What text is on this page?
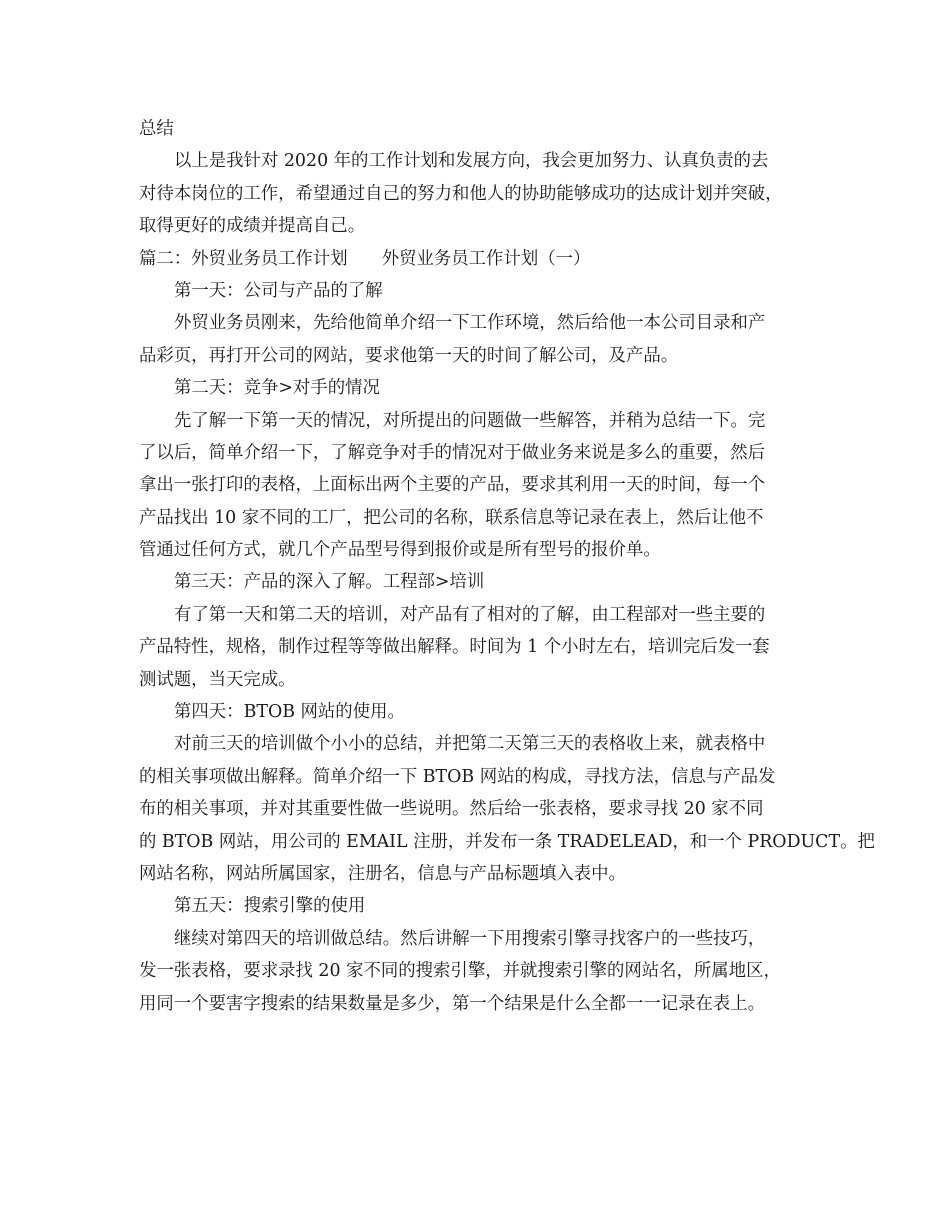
总结
以上是我针对 2020 年的工作计划和发展方向，我会更加努力、认真负责的去
对待本岗位的工作，希望通过自己的努力和他人的协助能够成功的达成计划并突破，
取得更好的成绩并提高自己。
篇二：外贸业务员工作计划 外贸业务员工作计划（一）
第一天：公司与产品的了解
外贸业务员刚来，先给他简单介绍一下工作环境，然后给他一本公司目录和产
品彩页，再打开公司的网站，要求他第一天的时间了解公司，及产品。
第二天：竞争>对手的情况
先了解一下第一天的情况，对所提出的问题做一些解答，并稍为总结一下。完
了以后，简单介绍一下，了解竞争对手的情况对于做业务来说是多么的重要，然后
拿出一张打印的表格，上面标出两个主要的产品，要求其利用一天的时间，每一个
产品找出 10 家不同的工厂，把公司的名称，联系信息等记录在表上，然后让他不
管通过任何方式，就几个产品型号得到报价或是所有型号的报价单。
第三天：产品的深入了解。工程部>培训
有了第一天和第二天的培训，对产品有了相对的了解，由工程部对一些主要的
产品特性，规格，制作过程等等做出解释。时间为 1 个小时左右，培训完后发一套
测试题，当天完成。
第四天：BTOB 网站的使用。
对前三天的培训做个小小的总结，并把第二天第三天的表格收上来，就表格中
的相关事项做出解释。简单介绍一下 BTOB 网站的构成，寻找方法，信息与产品发
布的相关事项，并对其重要性做一些说明。然后给一张表格，要求寻找 20 家不同
的 BTOB 网站，用公司的 EMAIL 注册，并发布一条 TRADELEAD，和一个 PRODUCT。把
网站名称，网站所属国家，注册名，信息与产品标题填入表中。
第五天：搜索引擎的使用
继续对第四天的培训做总结。然后讲解一下用搜索引擎寻找客户的一些技巧，
发一张表格，要求录找 20 家不同的搜索引擎，并就搜索引擎的网站名，所属地区，
用同一个要害字搜索的结果数量是多少，第一个结果是什么全都一一记录在表上。
